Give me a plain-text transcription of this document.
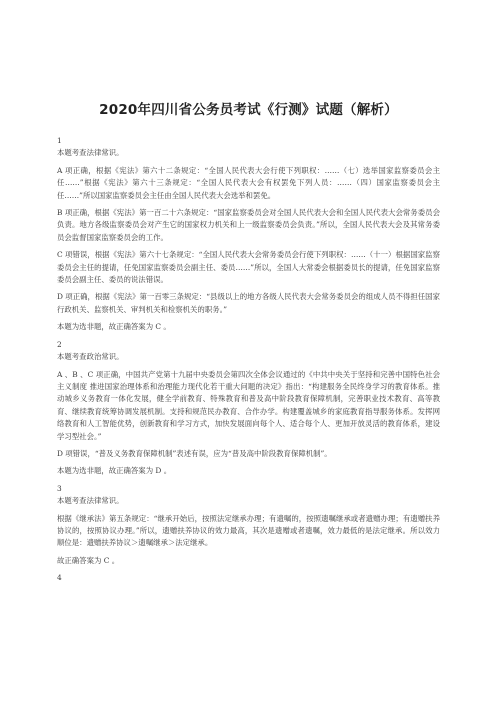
2020年四川省公务员考试《行测》试题（解析）
1

本题考查法律常识。

A 项正确，根据《宪法》第六十二条规定：“全国人民代表大会行使下列职权：……（七）选举国家监察委员会主任……”根据《宪法》第六十三条规定：“全国人民代表大会有权罢免下列人员：……（四）国家监察委员会主任……”所以国家监察委员会主任由全国人民代表大会选举和罢免。

B 项正确，根据《宪法》第一百二十六条规定：“国家监察委员会对全国人民代表大会和全国人民代表大会常务委员会负责。地方各级监察委员会对产生它的国家权力机关和上一级监察委员会负责。”所以，全国人民代表大会及其常务委员会监督国家监察委员会的工作。

C 项错误，根据《宪法》第六十七条规定：“全国人民代表大会常务委员会行使下列职权：……（十一）根据国家监察委员会主任的提请，任免国家监察委员会副主任、委员……”所以，全国人大常委会根据委员长的提请，任免国家监察委员会副主任、委员的说法错误。

D 项正确，根据《宪法》第一百零三条规定：“县级以上的地方各级人民代表大会常务委员会的组成人员不得担任国家行政机关、监察机关、审判机关和检察机关的职务。”

本题为选非题，故正确答案为 C 。

2

本题考查政治常识。

A 、B 、C 项正确，中国共产党第十九届中央委员会第四次全体会议通过的《中共中央关于坚持和完善中国特色社会主义制度 推进国家治理体系和治理能力现代化若干重大问题的决定》指出：“构建服务全民终身学习的教育体系。推动城乡义务教育一体化发展，健全学前教育、特殊教育和普及高中阶段教育保障机制，完善职业技术教育、高等教育、继续教育统筹协调发展机制。支持和规范民办教育、合作办学。构建覆盖城乡的家庭教育指导服务体系。发挥网络教育和人工智能优势，创新教育和学习方式，加快发展面向每个人、适合每个人、更加开放灵活的教育体系，建设学习型社会。”

D 项错误，“普及义务教育保障机制”表述有误，应为“普及高中阶段教育保障机制”。

本题为选非题，故正确答案为 D 。

3

本题考查法律常识。

根据《继承法》第五条规定：“继承开始后，按照法定继承办理；有遗嘱的，按照遗嘱继承或者遗赠办理；有遗赠扶养协议的，按照协议办理。”所以，遗赠扶养协议的效力最高，其次是遗赠或者遗嘱，效力最低的是法定继承。所以效力顺位是：遗赠扶养协议＞遗嘱继承＞法定继承。

故正确答案为 C 。

4
